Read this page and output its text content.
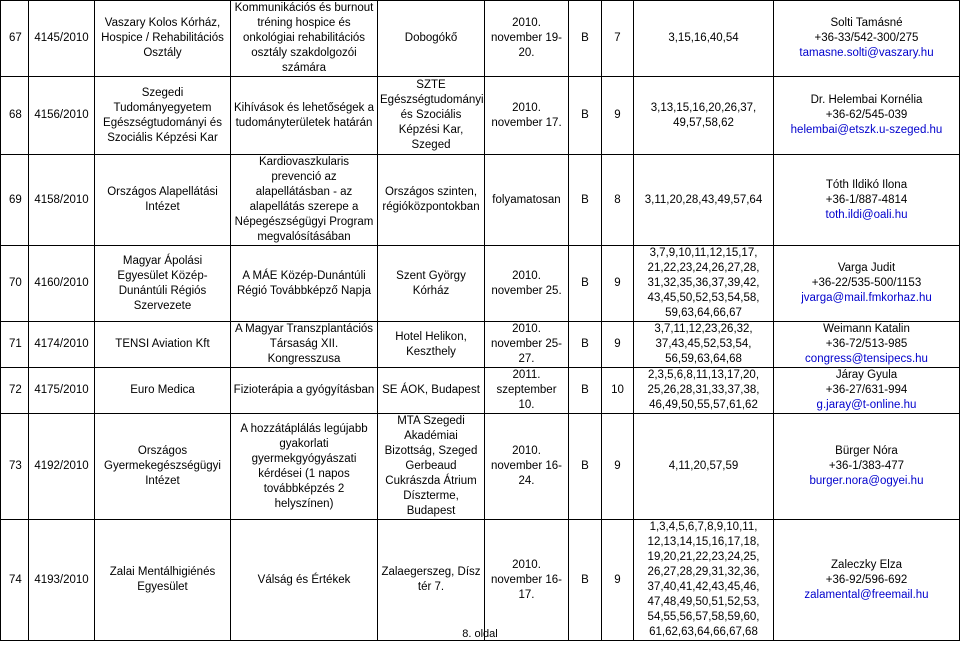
67	4145/2010	Vaszary Kolos Kórház, Hospice / Rehabilitációs Osztály	Kommunikációs és burnout tréning hospice és onkológiai rehabilitációs osztály szakdolgozói számára	Dobogókő	2010. november 19-20.	B	7	3,15,16,40,54	Solti Tamásné
+36-33/542-300/275
tamasne.solti@vaszary.hu

68	4156/2010	Szegedi Tudományegyetem Egészségtudományi és Szociális Képzési Kar	Kihívások és lehetőségek a tudományterületek határán	SZTE Egészségtudományi és Szociális Képzési Kar, Szeged	2010. november 17.	B	9	3,13,15,16,20,26,37, 49,57,58,62	Dr. Helembai Kornélia
+36-62/545-039
helembai@etszk.u-szeged.hu

69	4158/2010	Országos Alapellátási Intézet	Kardiovaszkularis prevenció az alapellátásban - az alapellátás szerepe a Népegészségügyi Program megvalósításában	Országos szinten, régióközpontokban	folyamatosan	B	8	3,11,20,28,43,49,57,64	Tóth Ildikó Ilona
+36-1/887-4814
toth.ildi@oali.hu

70	4160/2010	Magyar Ápolási Egyesület Közép-Dunántúli Régiós Szervezete	A MÁE Közép-Dunántúli Régió Továbbképző Napja	Szent György Kórház	2010. november 25.	B	9	3,7,9,10,11,12,15,17, 21,22,23,24,26,27,28, 31,32,35,36,37,39,42, 43,45,50,52,53,54,58, 59,63,64,66,67	Varga Judit
+36-22/535-500/1153
jvarga@mail.fmkorhaz.hu

71	4174/2010	TENSI Aviation Kft	A Magyar Transzplantációs Társaság XII. Kongresszusa	Hotel Helikon, Keszthely	2010. november 25-27.	B	9	3,7,11,12,23,26,32, 37,43,45,52,53,54, 56,59,63,64,68	Weimann Katalin
+36-72/513-985
congress@tensipecs.hu

72	4175/2010	Euro Medica	Fizioterápia a gyógyításban	SE ÁOK, Budapest	2011. szeptember 10.	B	10	2,3,5,6,8,11,13,17,20, 25,26,28,31,33,37,38, 46,49,50,55,57,61,62	Járay Gyula
+36-27/631-994
g.jaray@t-online.hu

73	4192/2010	Országos Gyermekegészségügyi Intézet	A hozzátáplálás legújabb gyakorlati gyermekgyógyászati kérdései (1 napos továbbképzés 2 helyszínen)	MTA Szegedi Akadémiai Bizottság, Szeged Gerbeaud Cukrászda Átrium Díszterme, Budapest	2010. november 16-24.	B	9	4,11,20,57,59	Bürger Nóra
+36-1/383-477
burger.nora@ogyei.hu

74	4193/2010	Zalai Mentálhigiénés Egyesület	Válság és Értékek	Zalaegerszeg, Dísz tér 7.	2010. november 16-17.	B	9	1,3,4,5,6,7,8,9,10,11, 12,13,14,15,16,17,18, 19,20,21,22,23,24,25, 26,27,28,29,31,32,36, 37,40,41,42,43,45,46, 47,48,49,50,51,52,53, 54,55,56,57,58,59,60, 61,62,63,64,66,67,68	Zaleczky Elza
+36-92/596-692
zalamental@freemail.hu
8. oldal
